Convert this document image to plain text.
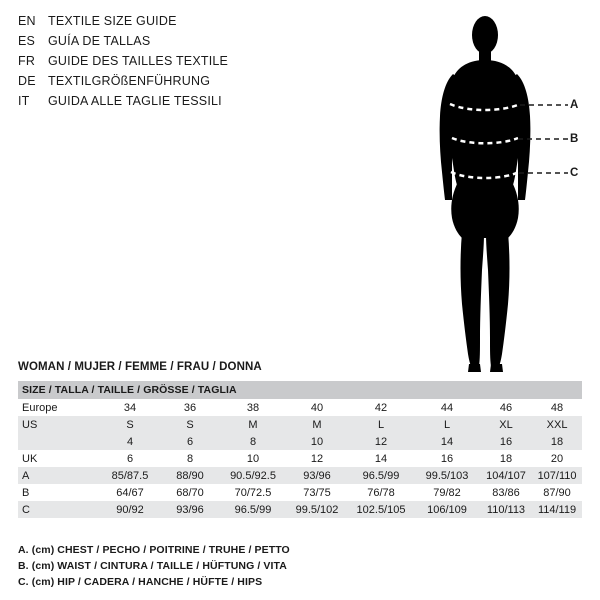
EN TEXTILE SIZE GUIDE
ES	GUÍA DE TALLAS
FR	GUIDE DES TAILLES TEXTILE
DE TEXTILGRÖßENFÜHRUNG
IT	GUIDA ALLE TAGLIE TESSILI	A
B
C
WOMAN / MUJER / FEMME / FRAU / DONNA
SIZE / TALLA / TAILLE / GRÖSSE / TAGLIA								
Europe	34	36	38	40	42	44	46	48
US	S	S	M	M	L	L	XL	XXL
	4	6	8	10	12	14	16	18
UK	6	8	10	12	14	16	18	20
A	85/87.5	88/90	90.5/92.5	93/96	96.5/99	99.5/103	104/107	107/110
B	64/67	68/70	70/72.5	73/75	76/78	79/82	83/86	87/90
C	90/92	93/96	96.5/99	99.5/102	102.5/105	106/109	110/113	114/119
A. (cm) CHEST / PECHO / POITRINE / TRUHE / PETTO
B. (cm) WAIST / CINTURA / TAILLE / HÜFTUNG / VITA
C. (cm) HIP / CADERA / HANCHE / HÜFTE / HIPS
